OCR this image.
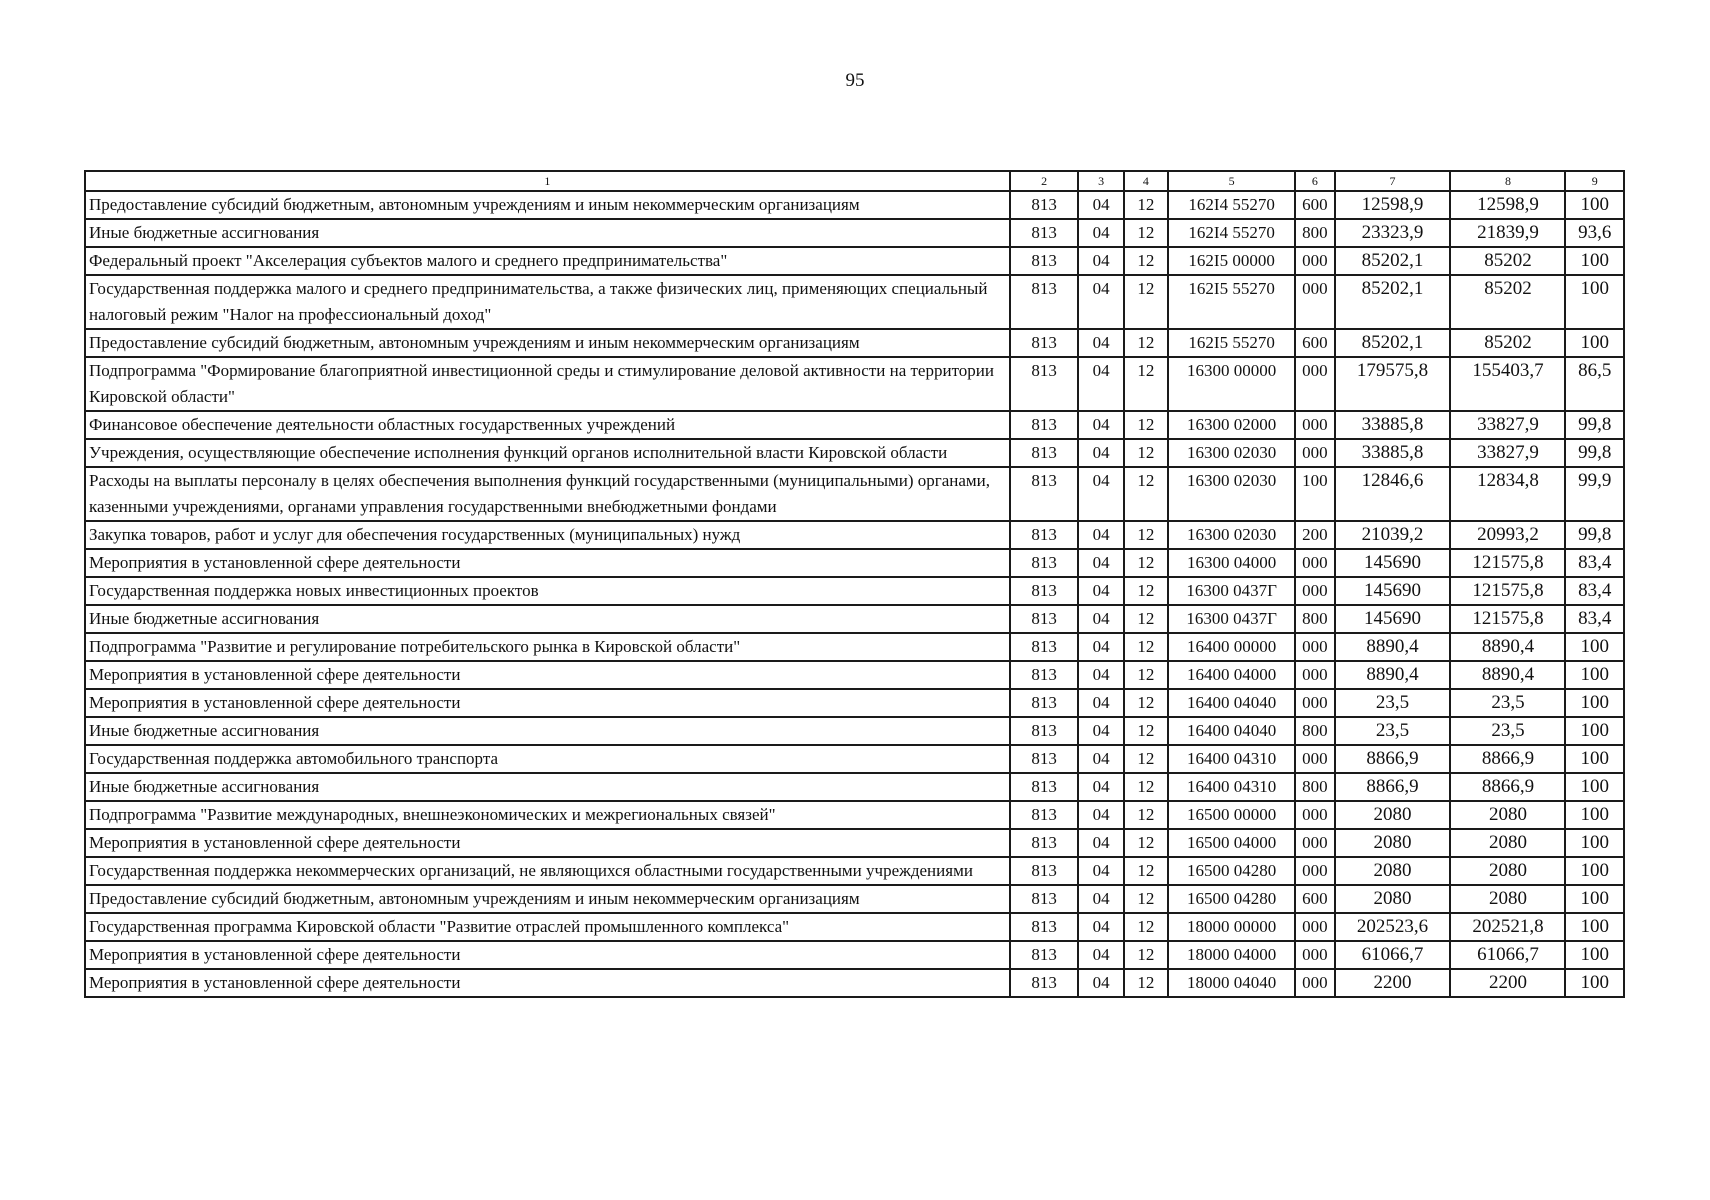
95
1	2	3	4	5	6	7	8	9
Предоставление субсидий бюджетным, автономным учреждениям и иным некоммерческим организациям	813	04	12	162I4 55270	600	12598,9	12598,9	100
Иные бюджетные ассигнования	813	04	12	162I4 55270	800	23323,9	21839,9	93,6
Федеральный проект "Акселерация субъектов малого и среднего предпринимательства"	813	04	12	162I5 00000	000	85202,1	85202	100
Государственная поддержка малого и среднего предпринимательства, а также физических лиц, применяющих специальный налоговый режим "Налог на профессиональный доход"	813	04	12	162I5 55270	000	85202,1	85202	100
Предоставление субсидий бюджетным, автономным учреждениям и иным некоммерческим организациям	813	04	12	162I5 55270	600	85202,1	85202	100
Подпрограмма "Формирование благоприятной инвестиционной среды и стимулирование деловой активности на территории Кировской области"	813	04	12	16300 00000	000	179575,8	155403,7	86,5
Финансовое обеспечение деятельности областных государственных учреждений	813	04	12	16300 02000	000	33885,8	33827,9	99,8
Учреждения, осуществляющие обеспечение исполнения функций органов исполнительной власти Кировской области	813	04	12	16300 02030	000	33885,8	33827,9	99,8
Расходы на выплаты персоналу в целях обеспечения выполнения функций государственными (муниципальными) органами, казенными учреждениями, органами управления государственными внебюджетными фондами	813	04	12	16300 02030	100	12846,6	12834,8	99,9
Закупка товаров, работ и услуг для обеспечения государственных (муниципальных) нужд	813	04	12	16300 02030	200	21039,2	20993,2	99,8
Мероприятия в установленной сфере деятельности	813	04	12	16300 04000	000	145690	121575,8	83,4
Государственная поддержка новых инвестиционных проектов	813	04	12	16300 0437Г	000	145690	121575,8	83,4
Иные бюджетные ассигнования	813	04	12	16300 0437Г	800	145690	121575,8	83,4
Подпрограмма "Развитие и регулирование потребительского рынка в Кировской области"	813	04	12	16400 00000	000	8890,4	8890,4	100
Мероприятия в установленной сфере деятельности	813	04	12	16400 04000	000	8890,4	8890,4	100
Мероприятия в установленной сфере деятельности	813	04	12	16400 04040	000	23,5	23,5	100
Иные бюджетные ассигнования	813	04	12	16400 04040	800	23,5	23,5	100
Государственная поддержка автомобильного транспорта	813	04	12	16400 04310	000	8866,9	8866,9	100
Иные бюджетные ассигнования	813	04	12	16400 04310	800	8866,9	8866,9	100
Подпрограмма "Развитие международных, внешнеэкономических и межрегиональных связей"	813	04	12	16500 00000	000	2080	2080	100
Мероприятия в установленной сфере деятельности	813	04	12	16500 04000	000	2080	2080	100
Государственная поддержка некоммерческих организаций, не являющихся областными государственными учреждениями	813	04	12	16500 04280	000	2080	2080	100
Предоставление субсидий бюджетным, автономным учреждениям и иным некоммерческим организациям	813	04	12	16500 04280	600	2080	2080	100
Государственная программа Кировской области "Развитие отраслей промышленного комплекса"	813	04	12	18000 00000	000	202523,6	202521,8	100
Мероприятия в установленной сфере деятельности	813	04	12	18000 04000	000	61066,7	61066,7	100
Мероприятия в установленной сфере деятельности	813	04	12	18000 04040	000	2200	2200	100
